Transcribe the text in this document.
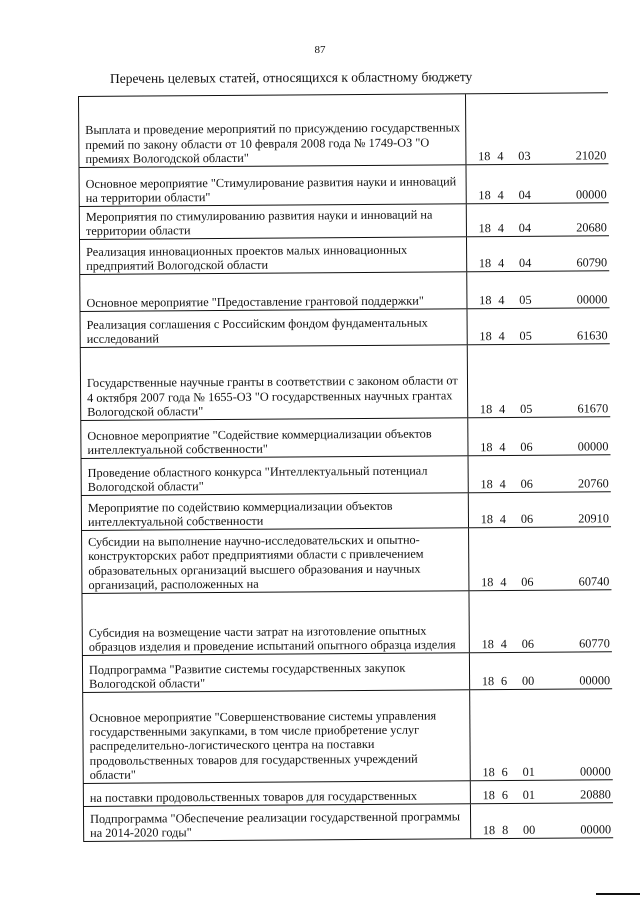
87
Перечень целевых статей, относящихся к областному бюджету
Выплата и проведение мероприятий по присуждению государственных премий по закону области от 10 февраля 2008 года № 1749-ОЗ "О премиях Вологодской области"	18 4	03	21020
Основное мероприятие "Стимулирование развития науки и инноваций на территории области"	18 4	04	00000
Мероприятия по стимулированию развития науки и инноваций на территории области	18 4	04	20680
Реализация инновационных проектов малых инновационных предприятий Вологодской области	18 4	04	60790
Основное мероприятие "Предоставление грантовой поддержки"	18 4	05	00000
Реализация соглашения с Российским фондом фундаментальных исследований	18 4	05	61630
Государственные научные гранты в соответствии с законом области от 4 октября 2007 года № 1655-ОЗ "О государственных научных грантах Вологодской области"	18 4	05	61670
Основное мероприятие "Содействие коммерциализации объектов интеллектуальной собственности"	18 4	06	00000
Проведение областного конкурса "Интеллектуальный потенциал Вологодской области"	18 4	06	20760
Мероприятие по содействию коммерциализации объектов интеллектуальной собственности	18 4	06	20910
Субсидии на выполнение научно-исследовательских и опытно-конструкторских работ предприятиями области с привлечением образовательных организаций высшего образования и научных организаций, расположенных на	18 4	06	60740
Субсидия на возмещение части затрат на изготовление опытных образцов изделия и проведение испытаний опытного образца изделия	18 4	06	60770
Подпрограмма "Развитие системы государственных закупок Вологодской области"	18 6	00	00000
Основное мероприятие "Совершенствование системы управления государственными закупками, в том числе приобретение услуг распределительно-логистического центра на поставки продовольственных товаров для государственных учреждений области"	18 6	01	00000
на поставки продовольственных товаров для государственных	18 6	01	20880
Подпрограмма "Обеспечение реализации государственной программы на 2014-2020 годы"	18 8	00	00000
